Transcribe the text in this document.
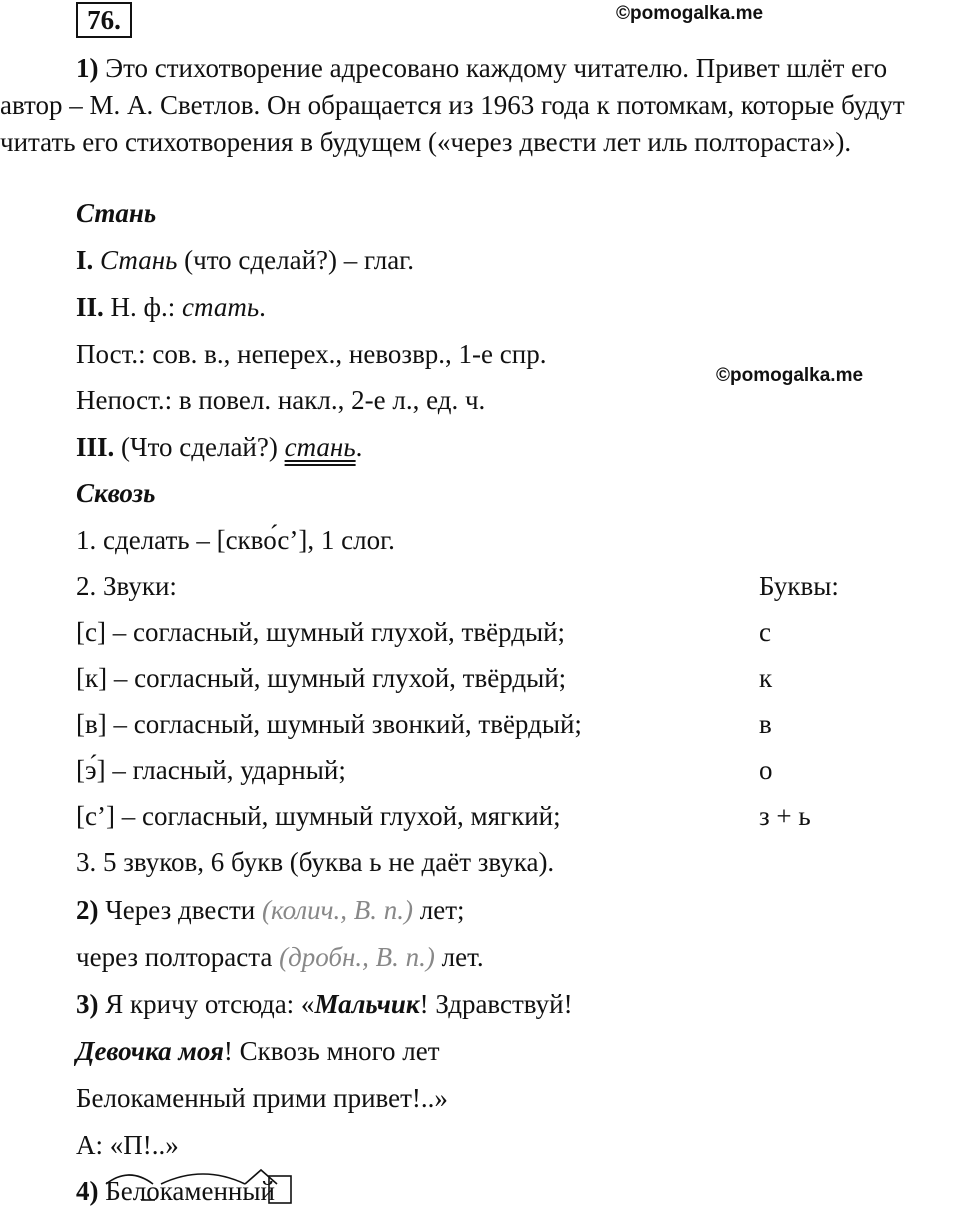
76.	©pomogalka.me
©pomogalka.me

1) Это стихотворение адресовано каждому читателю. Привет шлёт его автор – М. А. Светлов. Он обращается из 1963 года к потомкам, которые будут читать его стихотворения в будущем («через двести лет иль полтораста»).

Стань
I. Стань (что сделай?) – глаг.
II. Н. ф.: стать.
Пост.: сов. в., неперех., невозвр., 1-е спр.
Непост.: в повел. накл., 2-е л., ед. ч.
III. (Что сделай?) стань.
Сквозь
1. сделать – [скво́с’], 1 слог.
2. Звуки:	Буквы:
[с] – согласный, шумный глухой, твёрдый;	с
[к] – согласный, шумный глухой, твёрдый;	к
[в] – согласный, шумный звонкий, твёрдый;	в
[э́] – гласный, ударный;	о
[с’] – согласный, шумный глухой, мягкий;	з + ь
3. 5 звуков, 6 букв (буква ь не даёт звука).
2) Через двести (колич., В. п.) лет;
через полтораста (дробн., В. п.) лет.
3) Я кричу отсюда: «Мальчик! Здравствуй!
Девочка моя! Сквозь много лет
Белокаменный прими привет!..»
А: «П!..»
4) Белокаменный
